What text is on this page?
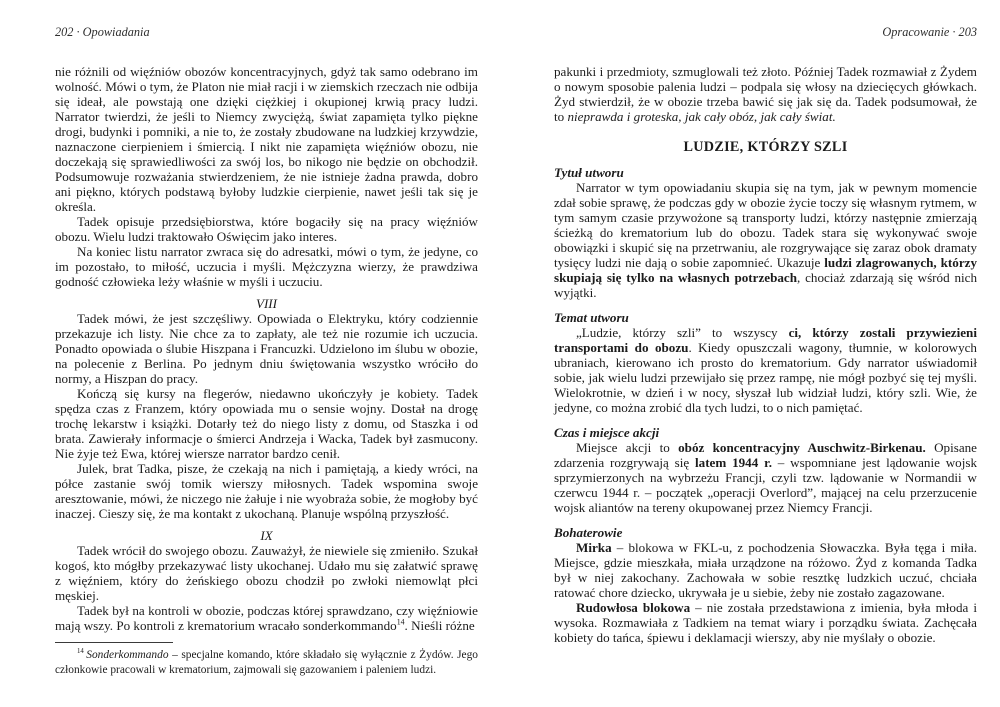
202 · Opowiadania

nie różnili od więźniów obozów koncentracyjnych, gdyż tak samo odebrano im wolność. Mówi o tym, że Platon nie miał racji i w ziemskich rzeczach nie odbija się ideał, ale powstają one dzięki ciężkiej i okupionej krwią pracy ludzi. Narrator twierdzi, że jeśli to Niemcy zwyciężą, świat zapamięta tylko piękne drogi, budynki i pomniki, a nie to, że zostały zbudowane na ludzkiej krzywdzie, naznaczone cierpieniem i śmiercią. I nikt nie zapamięta więźniów obozu, nie doczekają się sprawiedliwości za swój los, bo nikogo nie będzie on obchodził. Podsumowuje rozważania stwierdzeniem, że nie istnieje żadna prawda, dobro ani piękno, których podstawą byłoby ludzkie cierpienie, nawet jeśli tak się je określa.

Tadek opisuje przedsiębiorstwa, które bogaciły się na pracy więźniów obozu. Wielu ludzi traktowało Oświęcim jako interes.

Na koniec listu narrator zwraca się do adresatki, mówi o tym, że jedyne, co im pozostało, to miłość, uczucia i myśli. Mężczyzna wierzy, że prawdziwa godność człowieka leży właśnie w myśli i uczuciu.

VIII

Tadek mówi, że jest szczęśliwy. Opowiada o Elektryku, który codziennie przekazuje ich listy. Nie chce za to zapłaty, ale też nie rozumie ich uczucia. Ponadto opowiada o ślubie Hiszpana i Francuzki. Udzielono im ślubu w obozie, na polecenie z Berlina. Po jednym dniu świętowania wszystko wróciło do normy, a Hiszpan do pracy.

Kończą się kursy na flegerów, niedawno ukończyły je kobiety. Tadek spędza czas z Franzem, który opowiada mu o sensie wojny. Dostał na drogę trochę lekarstw i książki. Dotarły też do niego listy z domu, od Staszka i od brata. Zawierały informacje o śmierci Andrzeja i Wacka, Tadek był zasmucony. Nie żyje też Ewa, której wiersze narrator bardzo cenił.

Julek, brat Tadka, pisze, że czekają na nich i pamiętają, a kiedy wróci, na półce zastanie swój tomik wierszy miłosnych. Tadek wspomina swoje aresztowanie, mówi, że niczego nie żałuje i nie wyobraża sobie, że mogłoby być inaczej. Cieszy się, że ma kontakt z ukochaną. Planuje wspólną przyszłość.

IX

Tadek wrócił do swojego obozu. Zauważył, że niewiele się zmieniło. Szukał kogoś, kto mógłby przekazywać listy ukochanej. Udało mu się załatwić sprawę z więźniem, który do żeńskiego obozu chodził po zwłoki niemowląt płci męskiej.

Tadek był na kontroli w obozie, podczas której sprawdzano, czy więźniowie mają wszy. Po kontroli z krematorium wracało sonderkommando$^{14}$. Nieśli różne

$^{14}$ Sonderkommando – specjalne komando, które składało się wyłącznie z Żydów. Jego członkowie pracowali w krematorium, zajmowali się gazowaniem i paleniem ludzi.

Opracowanie · 203

pakunki i przedmioty, szmuglowali też złoto. Później Tadek rozmawiał z Żydem o nowym sposobie palenia ludzi – podpala się włosy na dziecięcych główkach. Żyd stwierdził, że w obozie trzeba bawić się jak się da. Tadek podsumował, że to nieprawda i groteska, jak cały obóz, jak cały świat.

LUDZIE, KTÓRZY SZLI
Tytuł utworu

Narrator w tym opowiadaniu skupia się na tym, jak w pewnym momencie zdał sobie sprawę, że podczas gdy w obozie życie toczy się własnym rytmem, w tym samym czasie przywożone są transporty ludzi, którzy następnie zmierzają ścieżką do krematorium lub do obozu. Tadek stara się wykonywać swoje obowiązki i skupić się na przetrwaniu, ale rozgrywające się zaraz obok dramaty tysięcy ludzi nie dają o sobie zapomnieć. Ukazuje ludzi zlagrowanych, którzy skupiają się tylko na własnych potrzebach, chociaż zdarzają się wśród nich wyjątki.

Temat utworu

„Ludzie, którzy szli” to wszyscy ci, którzy zostali przywiezieni transportami do obozu. Kiedy opuszczali wagony, tłumnie, w kolorowych ubraniach, kierowano ich prosto do krematorium. Gdy narrator uświadomił sobie, jak wielu ludzi przewijało się przez rampę, nie mógł pozbyć się tej myśli. Wielokrotnie, w dzień i w nocy, słyszał lub widział ludzi, który szli. Wie, że jedyne, co można zrobić dla tych ludzi, to o nich pamiętać.

Czas i miejsce akcji

Miejsce akcji to obóz koncentracyjny Auschwitz-Birkenau. Opisane zdarzenia rozgrywają się latem 1944 r. – wspomniane jest lądowanie wojsk sprzymierzonych na wybrzeżu Francji, czyli tzw. lądowanie w Normandii w czerwcu 1944 r. – początek „operacji Overlord”, mającej na celu przerzucenie wojsk aliantów na tereny okupowanej przez Niemcy Francji.

Bohaterowie

Mirka – blokowa w FKL-u, z pochodzenia Słowaczka. Była tęga i miła. Miejsce, gdzie mieszkała, miała urządzone na różowo. Żyd z komanda Tadka był w niej zakochany. Zachowała w sobie resztkę ludzkich uczuć, chciała ratować chore dziecko, ukrywała je u siebie, żeby nie zostało zagazowane.

Rudowłosa blokowa – nie została przedstawiona z imienia, była młoda i wysoka. Rozmawiała z Tadkiem na temat wiary i porządku świata. Zachęcała kobiety do tańca, śpiewu i deklamacji wierszy, aby nie myślały o obozie.
